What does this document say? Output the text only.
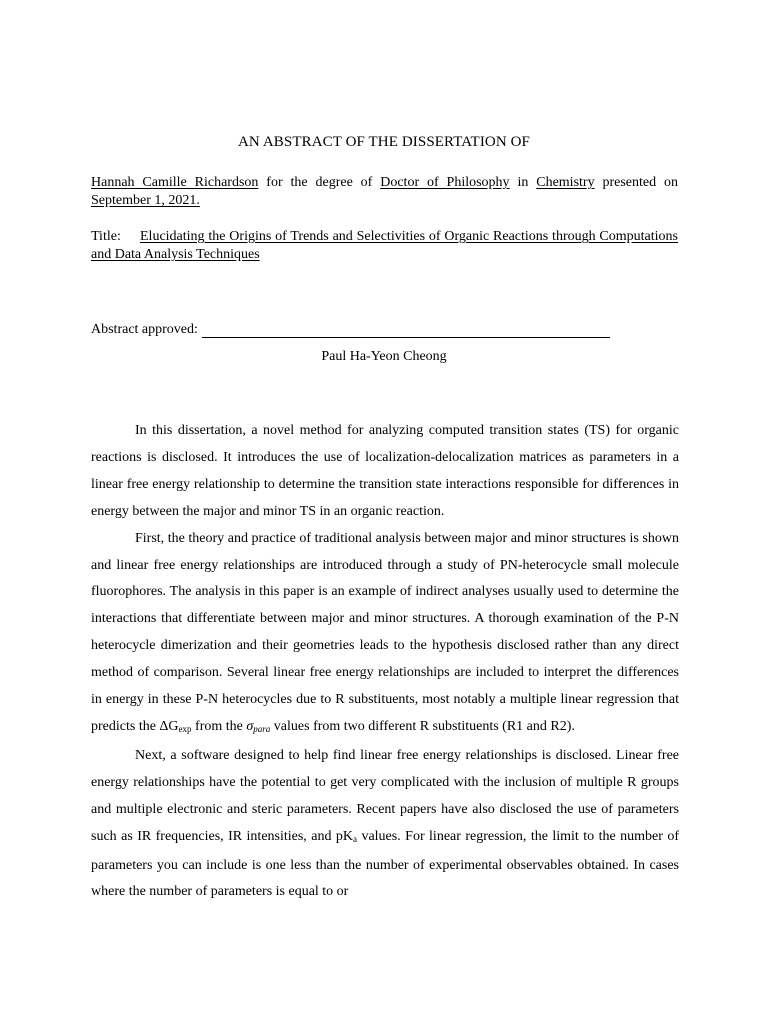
AN ABSTRACT OF THE DISSERTATION OF
Hannah Camille Richardson for the degree of Doctor of Philosophy in Chemistry presented on September 1, 2021.
Title: Elucidating the Origins of Trends and Selectivities of Organic Reactions through Computations and Data Analysis Techniques
Abstract approved:
Paul Ha-Yeon Cheong

In this dissertation, a novel method for analyzing computed transition states (TS) for organic reactions is disclosed. It introduces the use of localization-delocalization matrices as parameters in a linear free energy relationship to determine the transition state interactions responsible for differences in energy between the major and minor TS in an organic reaction.

First, the theory and practice of traditional analysis between major and minor structures is shown and linear free energy relationships are introduced through a study of PN-heterocycle small molecule fluorophores. The analysis in this paper is an example of indirect analyses usually used to determine the interactions that differentiate between major and minor structures. A thorough examination of the P-N heterocycle dimerization and their geometries leads to the hypothesis disclosed rather than any direct method of comparison. Several linear free energy relationships are included to interpret the differences in energy in these P-N heterocycles due to R substituents, most notably a multiple linear regression that predicts the $\Delta G_{exp}$ from the $\sigma_{para}$ values from two different R substituents (R1 and R2).

Next, a software designed to help find linear free energy relationships is disclosed. Linear free energy relationships have the potential to get very complicated with the inclusion of multiple R groups and multiple electronic and steric parameters. Recent papers have also disclosed the use of parameters such as IR frequencies, IR intensities, and $pK_a$ values. For linear regression, the limit to the number of parameters you can include is one less than the number of experimental observables obtained. In cases where the number of parameters is equal to or
